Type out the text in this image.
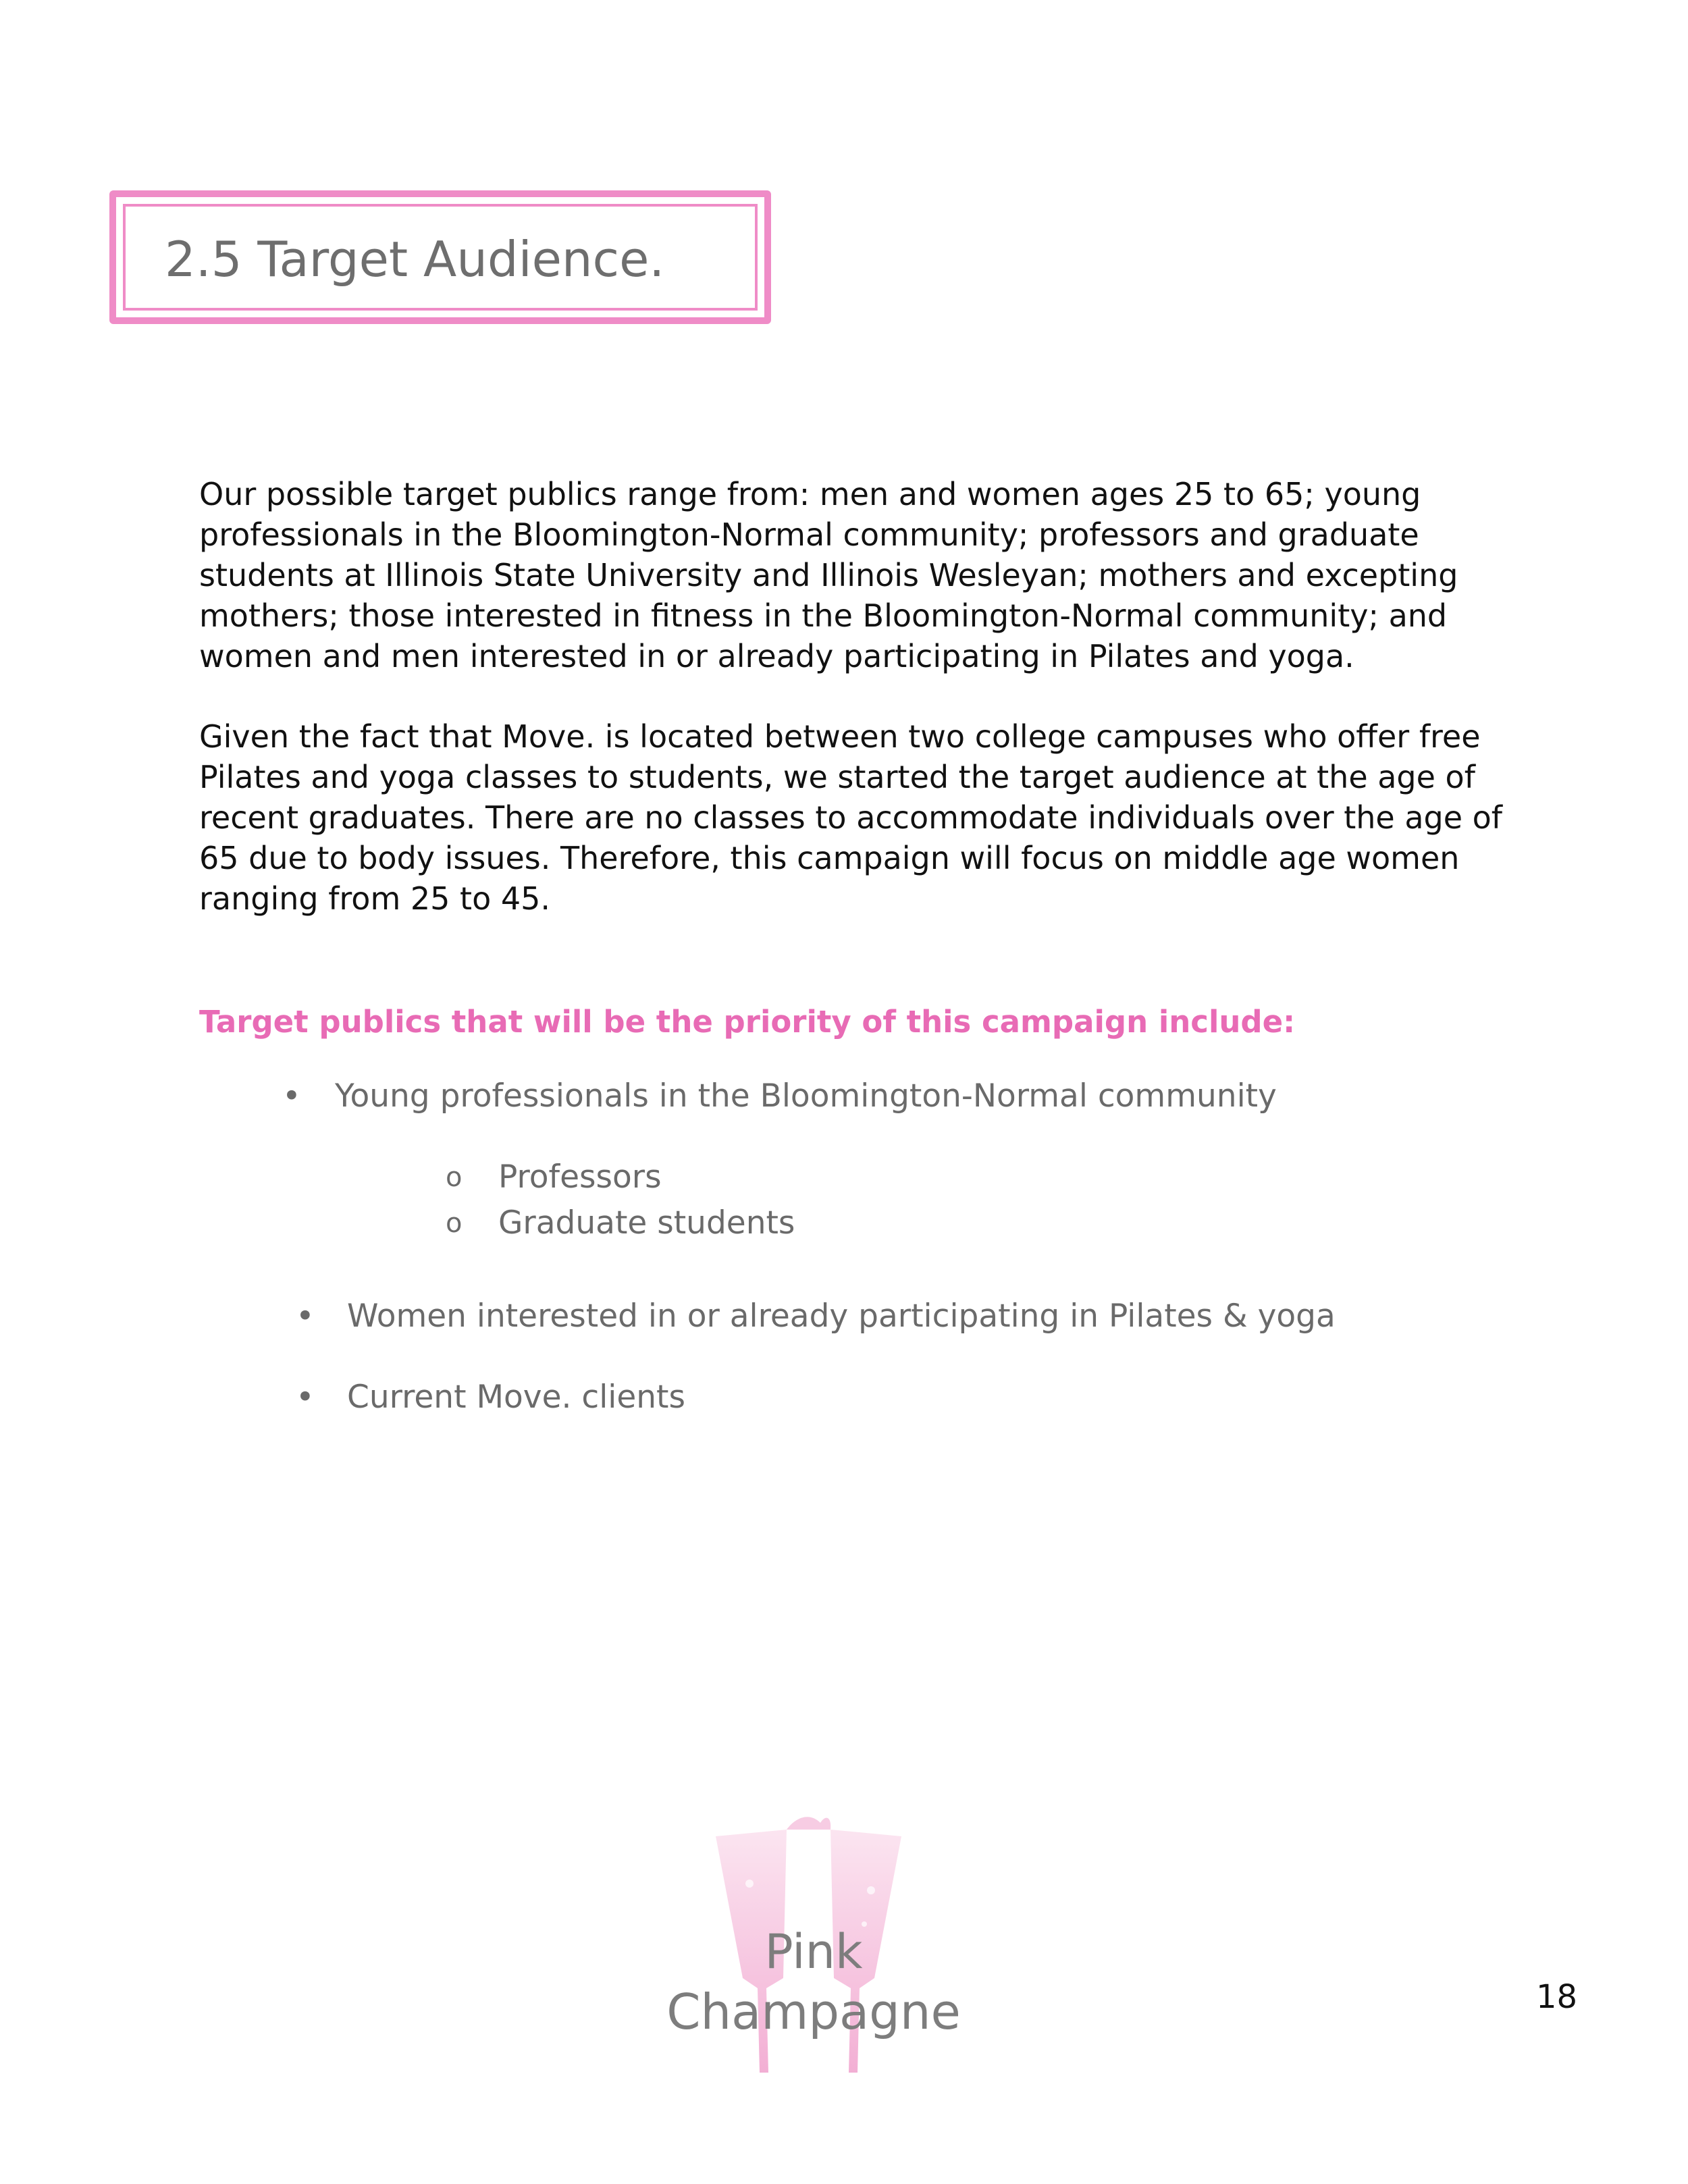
2.5 Target Audience.

Our possible target publics range from: men and women ages 25 to 65; young professionals in the Bloomington-Normal community; professors and graduate students at Illinois State University and Illinois Wesleyan; mothers and excepting mothers; those interested in fitness in the Bloomington-Normal community; and women and men interested in or already participating in Pilates and yoga.

Given the fact that Move. is located between two college campuses who offer free Pilates and yoga classes to students, we started the target audience at the age of recent graduates. There are no classes to accommodate individuals over the age of 65 due to body issues. Therefore, this campaign will focus on middle age women ranging from 25 to 45.

Target publics that will be the priority of this campaign include:

• Young professionals in the Bloomington-Normal community
o Professors
o Graduate students
• Women interested in or already participating in Pilates & yoga
• Current Move. clients
Pink
Champagne	18
